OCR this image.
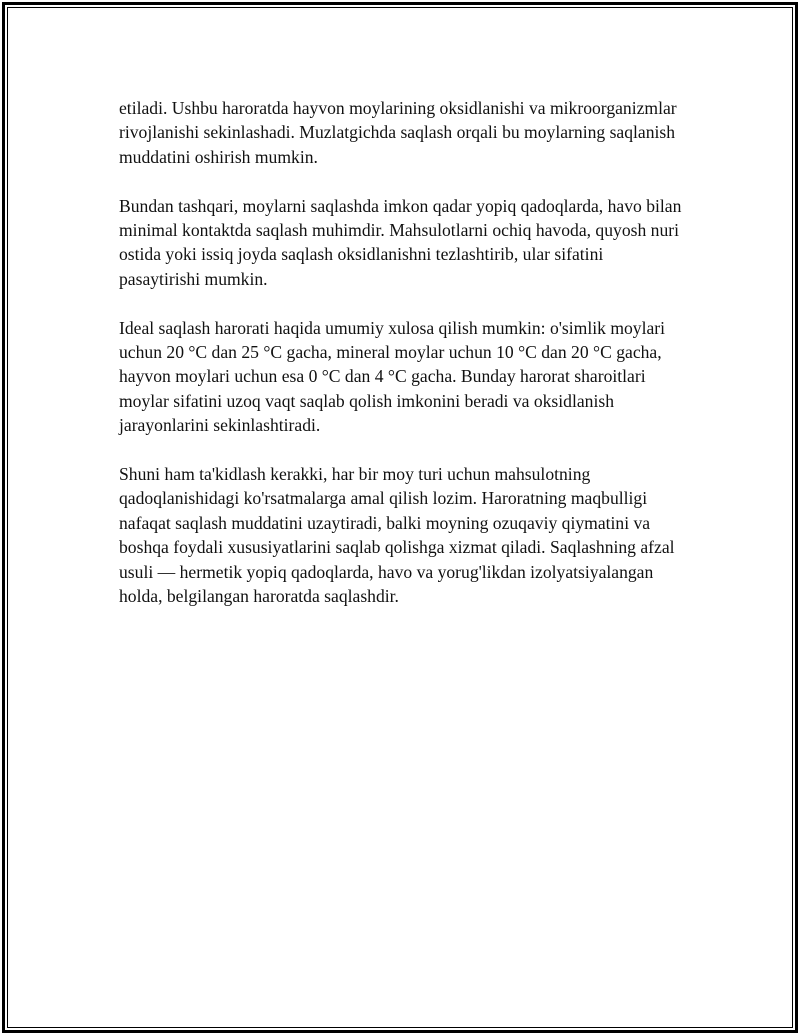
etiladi. Ushbu haroratda hayvon moylarining oksidlanishi va mikroorganizmlar rivojlanishi sekinlashadi. Muzlatgichda saqlash orqali bu moylarning saqlanish muddatini oshirish mumkin.

Bundan tashqari, moylarni saqlashda imkon qadar yopiq qadoqlarda, havo bilan minimal kontaktda saqlash muhimdir. Mahsulotlarni ochiq havoda, quyosh nuri ostida yoki issiq joyda saqlash oksidlanishni tezlashtirib, ular sifatini pasaytirishi mumkin.

Ideal saqlash harorati haqida umumiy xulosa qilish mumkin: o'simlik moylari uchun 20 °C dan 25 °C gacha, mineral moylar uchun 10 °C dan 20 °C gacha, hayvon moylari uchun esa 0 °C dan 4 °C gacha. Bunday harorat sharoitlari moylar sifatini uzoq vaqt saqlab qolish imkonini beradi va oksidlanish jarayonlarini sekinlashtiradi.

Shuni ham ta'kidlash kerakki, har bir moy turi uchun mahsulotning qadoqlanishidagi ko'rsatmalarga amal qilish lozim. Haroratning maqbulligi nafaqat saqlash muddatini uzaytiradi, balki moyning ozuqaviy qiymatini va boshqa foydali xususiyatlarini saqlab qolishga xizmat qiladi. Saqlashning afzal usuli — hermetik yopiq qadoqlarda, havo va yorug'likdan izolyatsiyalangan holda, belgilangan haroratda saqlashdir.
